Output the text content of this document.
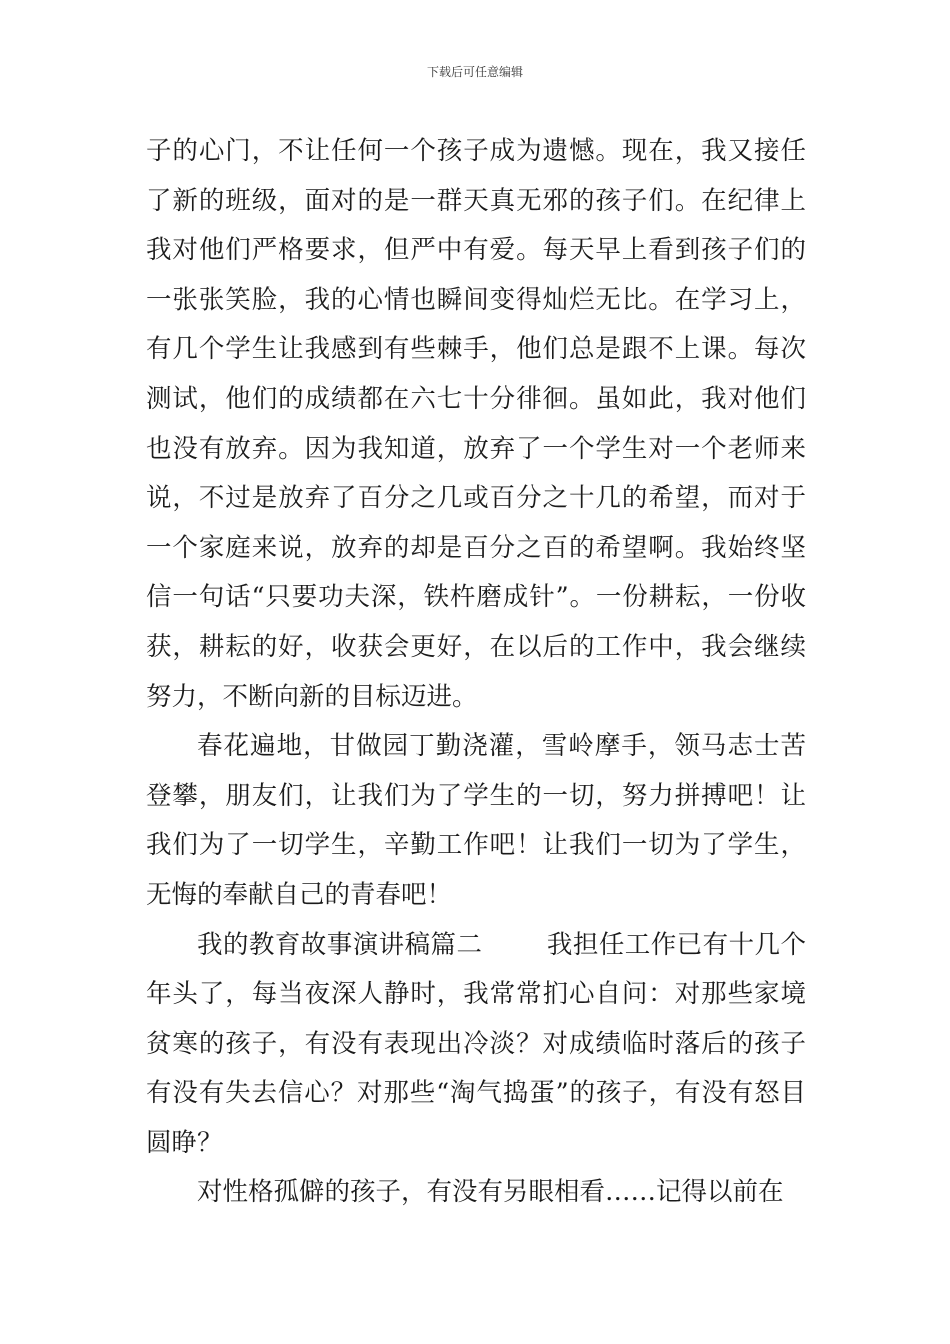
下载后可任意编辑

子的心门，不让任何一个孩子成为遗憾。现在，我又接任了新的班级，面对的是一群天真无邪的孩子们。在纪律上我对他们严格要求，但严中有爱。每天早上看到孩子们的一张张笑脸，我的心情也瞬间变得灿烂无比。在学习上，有几个学生让我感到有些棘手，他们总是跟不上课。每次测试，他们的成绩都在六七十分徘徊。虽如此，我对他们也没有放弃。因为我知道，放弃了一个学生对一个老师来说，不过是放弃了百分之几或百分之十几的希望，而对于一个家庭来说，放弃的却是百分之百的希望啊。我始终坚信一句话“只要功夫深，铁杵磨成针”。一份耕耘，一份收获，耕耘的好，收获会更好，在以后的工作中，我会继续努力，不断向新的目标迈进。

春花遍地，甘做园丁勤浇灌，雪岭摩手，领马志士苦登攀，朋友们，让我们为了学生的一切，努力拼搏吧！让我们为了一切学生，辛勤工作吧！让我们一切为了学生，无悔的奉献自己的青春吧！

我的教育故事演讲稿篇二	我担任工作已有十几个年头了，每当夜深人静时，我常常扪心自问：对那些家境贫寒的孩子，有没有表现出冷淡？对成绩临时落后的孩子有没有失去信心？对那些“淘气捣蛋”的孩子，有没有怒目圆睁？

对性格孤僻的孩子，有没有另眼相看……记得以前在
